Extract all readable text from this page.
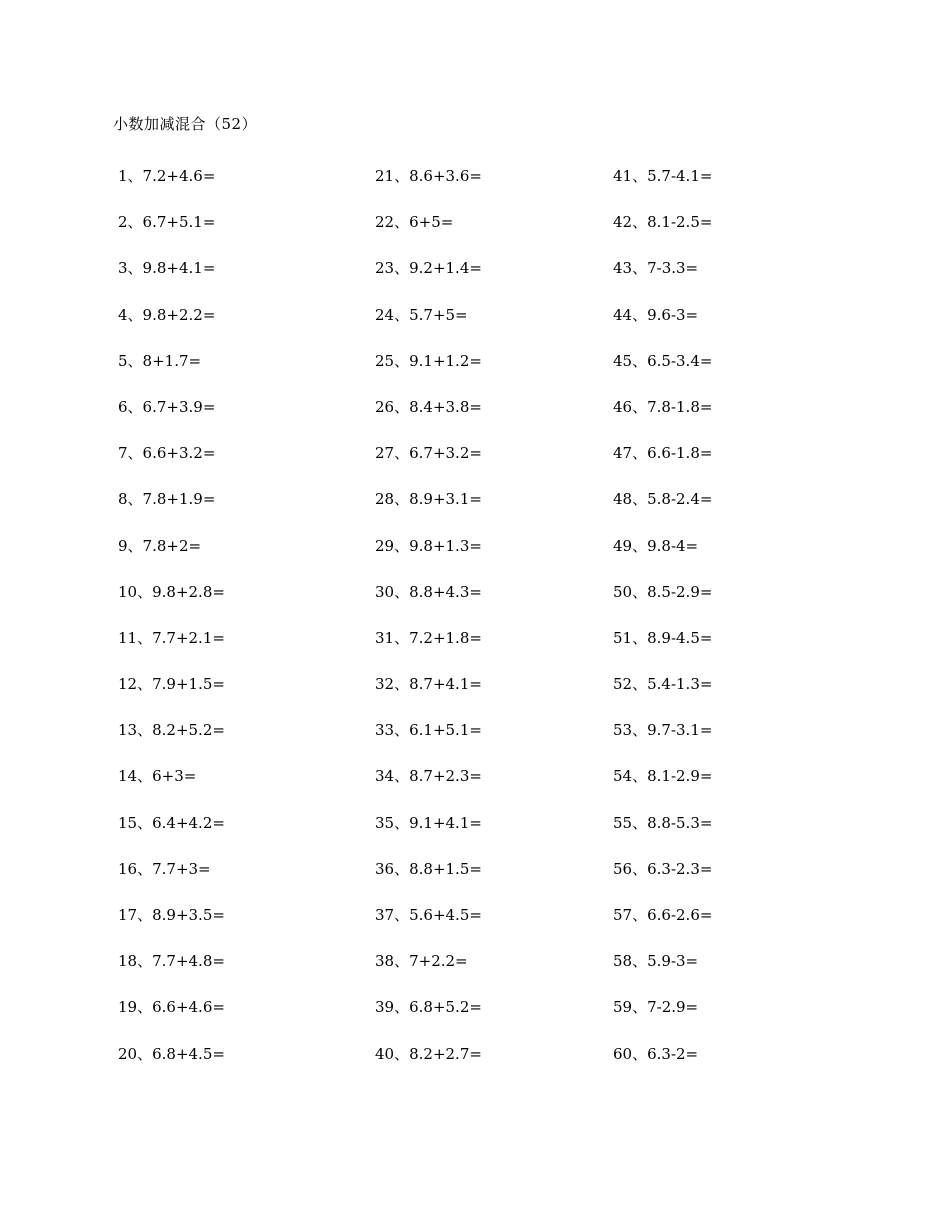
小数加减混合（52）
1、7.2+4.6=
2、6.7+5.1=
3、9.8+4.1=
4、9.8+2.2=
5、8+1.7=
6、6.7+3.9=
7、6.6+3.2=
8、7.8+1.9=
9、7.8+2=
10、9.8+2.8=
11、7.7+2.1=
12、7.9+1.5=
13、8.2+5.2=
14、6+3=
15、6.4+4.2=
16、7.7+3=
17、8.9+3.5=
18、7.7+4.8=
19、6.6+4.6=
20、6.8+4.5=
21、8.6+3.6=
22、6+5=
23、9.2+1.4=
24、5.7+5=
25、9.1+1.2=
26、8.4+3.8=
27、6.7+3.2=
28、8.9+3.1=
29、9.8+1.3=
30、8.8+4.3=
31、7.2+1.8=
32、8.7+4.1=
33、6.1+5.1=
34、8.7+2.3=
35、9.1+4.1=
36、8.8+1.5=
37、5.6+4.5=
38、7+2.2=
39、6.8+5.2=
40、8.2+2.7=
41、5.7-4.1=
42、8.1-2.5=
43、7-3.3=
44、9.6-3=
45、6.5-3.4=
46、7.8-1.8=
47、6.6-1.8=
48、5.8-2.4=
49、9.8-4=
50、8.5-2.9=
51、8.9-4.5=
52、5.4-1.3=
53、9.7-3.1=
54、8.1-2.9=
55、8.8-5.3=
56、6.3-2.3=
57、6.6-2.6=
58、5.9-3=
59、7-2.9=
60、6.3-2=
